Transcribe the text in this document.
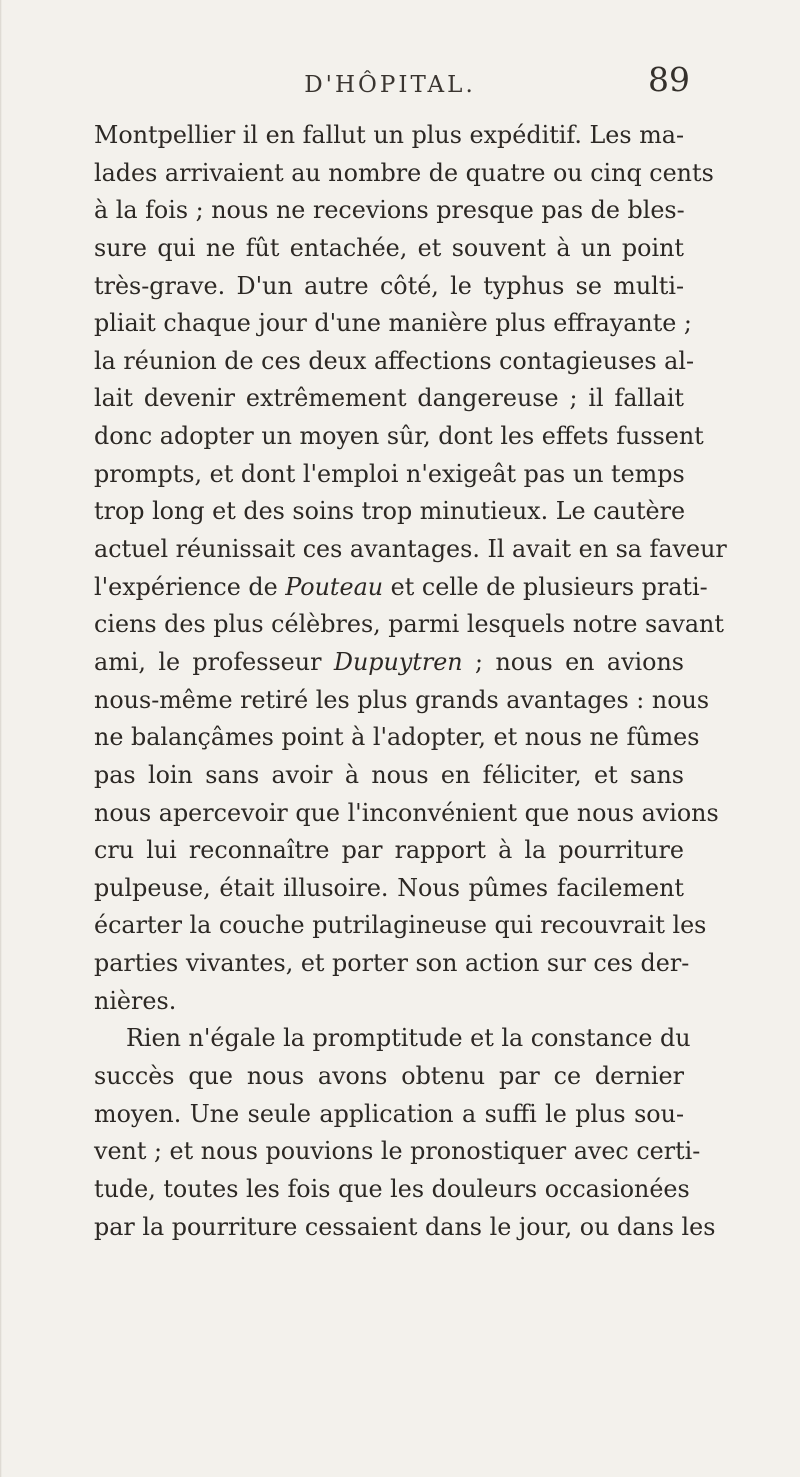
D'HÔPITAL.	89
Montpellier il en fallut un plus expéditif. Les ma-
lades arrivaient au nombre de quatre ou cinq cents
à la fois ; nous ne recevions presque pas de bles-
sure qui ne fût entachée, et souvent à un point
très-grave. D'un autre côté, le typhus se multi-
pliait chaque jour d'une manière plus effrayante ;
la réunion de ces deux affections contagieuses al-
lait devenir extrêmement dangereuse ; il fallait
donc adopter un moyen sûr, dont les effets fussent
prompts, et dont l'emploi n'exigeât pas un temps
trop long et des soins trop minutieux. Le cautère
actuel réunissait ces avantages. Il avait en sa faveur
l'expérience de Pouteau et celle de plusieurs prati-
ciens des plus célèbres, parmi lesquels notre savant
ami, le professeur Dupuytren ; nous en avions
nous-même retiré les plus grands avantages : nous
ne balançâmes point à l'adopter, et nous ne fûmes
pas loin sans avoir à nous en féliciter, et sans
nous apercevoir que l'inconvénient que nous avions
cru lui reconnaître par rapport à la pourriture
pulpeuse, était illusoire. Nous pûmes facilement
écarter la couche putrilagineuse qui recouvrait les
parties vivantes, et porter son action sur ces der-
nières.
Rien n'égale la promptitude et la constance du
succès que nous avons obtenu par ce dernier
moyen. Une seule application a suffi le plus sou-
vent ; et nous pouvions le pronostiquer avec certi-
tude, toutes les fois que les douleurs occasionées
par la pourriture cessaient dans le jour, ou dans les
